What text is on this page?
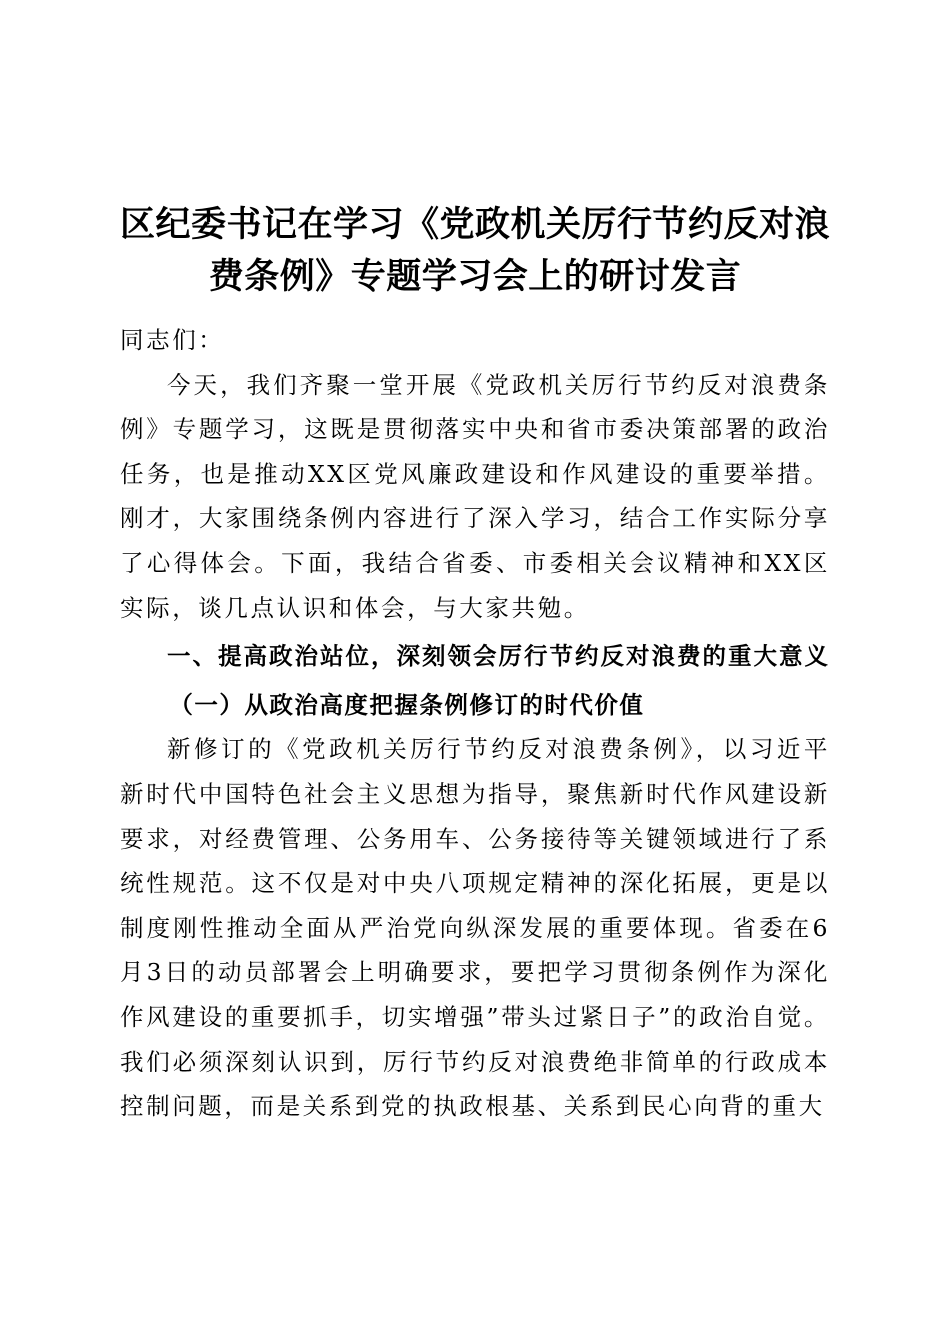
区纪委书记在学习《党政机关厉行节约反对浪
费条例》专题学习会上的研讨发言

同志们：

今天，我们齐聚一堂开展《党政机关厉行节约反对浪费条例》专题学习，这既是贯彻落实中央和省市委决策部署的政治任务，也是推动XX区党风廉政建设和作风建设的重要举措。刚才，大家围绕条例内容进行了深入学习，结合工作实际分享了心得体会。下面，我结合省委、市委相关会议精神和XX区实际，谈几点认识和体会，与大家共勉。

一、提高政治站位，深刻领会厉行节约反对浪费的重大意义

（一）从政治高度把握条例修订的时代价值

新修订的《党政机关厉行节约反对浪费条例》，以习近平新时代中国特色社会主义思想为指导，聚焦新时代作风建设新要求，对经费管理、公务用车、公务接待等关键领域进行了系统性规范。这不仅是对中央八项规定精神的深化拓展，更是以制度刚性推动全面从严治党向纵深发展的重要体现。省委在6月3日的动员部署会上明确要求，要把学习贯彻条例作为深化作风建设的重要抓手，切实增强”带头过紧日子”的政治自觉。我们必须深刻认识到，厉行节约反对浪费绝非简单的行政成本控制问题，而是关系到党的执政根基、关系到民心向背的重大
